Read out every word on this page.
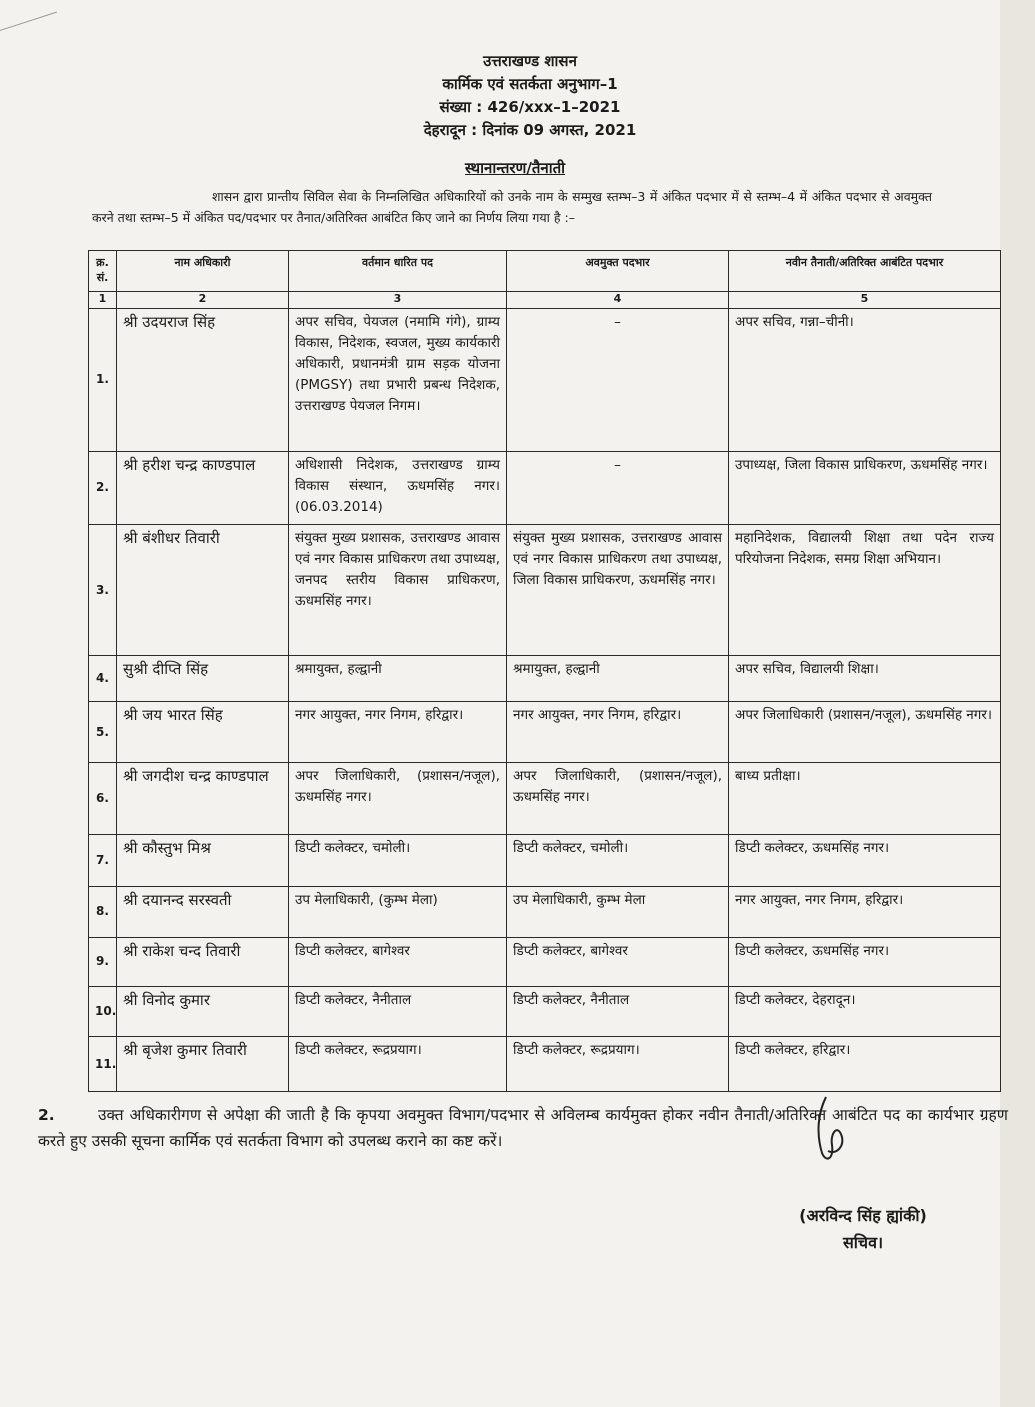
उत्तराखण्ड शासन
कार्मिक एवं सतर्कता अनुभाग–1
संख्या : 426/xxx–1–2021
देहरादून : दिनांक 09 अगस्त, 2021
स्थानान्तरण/तैनाती
शासन द्वारा प्रान्तीय सिविल सेवा के निम्नलिखित अधिकारियों को उनके नाम के सम्मुख स्तम्भ–3 में अंकित पदभार में से स्तम्भ–4 में अंकित पदभार से अवमुक्त करने तथा स्तम्भ–5 में अंकित पद/पदभार पर तैनात/अतिरिक्त आबंटित किए जाने का निर्णय लिया गया है :–
क्र. सं.	नाम अधिकारी	वर्तमान धारित पद	अवमुक्त पदभार	नवीन तैनाती/अतिरिक्त आबंटित पदभार
1	2	3	4	5
1.	श्री उदयराज सिंह	अपर सचिव, पेयजल (नमामि गंगे), ग्राम्य विकास, निदेशक, स्वजल, मुख्य कार्यकारी अधिकारी, प्रधानमंत्री ग्राम सड़क योजना (PMGSY) तथा प्रभारी प्रबन्ध निदेशक, उत्तराखण्ड पेयजल निगम।	–	अपर सचिव, गन्ना–चीनी।
2.	श्री हरीश चन्द्र काण्डपाल	अधिशासी निदेशक, उत्तराखण्ड ग्राम्य विकास संस्थान, ऊधमसिंह नगर। (06.03.2014)	–	उपाध्यक्ष, जिला विकास प्राधिकरण, ऊधमसिंह नगर।
3.	श्री बंशीधर तिवारी	संयुक्त मुख्य प्रशासक, उत्तराखण्ड आवास एवं नगर विकास प्राधिकरण तथा उपाध्यक्ष, जनपद स्तरीय विकास प्राधिकरण, ऊधमसिंह नगर।	संयुक्त मुख्य प्रशासक, उत्तराखण्ड आवास एवं नगर विकास प्राधिकरण तथा उपाध्यक्ष, जिला विकास प्राधिकरण, ऊधमसिंह नगर।	महानिदेशक, विद्यालयी शिक्षा तथा पदेन राज्य परियोजना निदेशक, समग्र शिक्षा अभियान।
4.	सुश्री दीप्ति सिंह	श्रमायुक्त, हल्द्वानी	श्रमायुक्त, हल्द्वानी	अपर सचिव, विद्यालयी शिक्षा।
5.	श्री जय भारत सिंह	नगर आयुक्त, नगर निगम, हरिद्वार।	नगर आयुक्त, नगर निगम, हरिद्वार।	अपर जिलाधिकारी (प्रशासन/नजूल), ऊधमसिंह नगर।
6.	श्री जगदीश चन्द्र काण्डपाल	अपर जिलाधिकारी, (प्रशासन/नजूल), ऊधमसिंह नगर।	अपर जिलाधिकारी, (प्रशासन/नजूल), ऊधमसिंह नगर।	बाध्य प्रतीक्षा।
7.	श्री कौस्तुभ मिश्र	डिप्टी कलेक्टर, चमोली।	डिप्टी कलेक्टर, चमोली।	डिप्टी कलेक्टर, ऊधमसिंह नगर।
8.	श्री दयानन्द सरस्वती	उप मेलाधिकारी, (कुम्भ मेला)	उप मेलाधिकारी, कुम्भ मेला	नगर आयुक्त, नगर निगम, हरिद्वार।
9.	श्री राकेश चन्द तिवारी	डिप्टी कलेक्टर, बागेश्वर	डिप्टी कलेक्टर, बागेश्वर	डिप्टी कलेक्टर, ऊधमसिंह नगर।
10.	श्री विनोद कुमार	डिप्टी कलेक्टर, नैनीताल	डिप्टी कलेक्टर, नैनीताल	डिप्टी कलेक्टर, देहरादून।
11.	श्री बृजेश कुमार तिवारी	डिप्टी कलेक्टर, रूद्रप्रयाग।	डिप्टी कलेक्टर, रूद्रप्रयाग।	डिप्टी कलेक्टर, हरिद्वार।
2.	उक्त अधिकारीगण से अपेक्षा की जाती है कि कृपया अवमुक्त विभाग/पदभार से अविलम्ब कार्यमुक्त होकर नवीन तैनाती/अतिरिक्त आबंटित पद का कार्यभार ग्रहण करते हुए उसकी सूचना कार्मिक एवं सतर्कता विभाग को उपलब्ध कराने का कष्ट करें।
(अरविन्द सिंह ह्यांकी)
सचिव।
